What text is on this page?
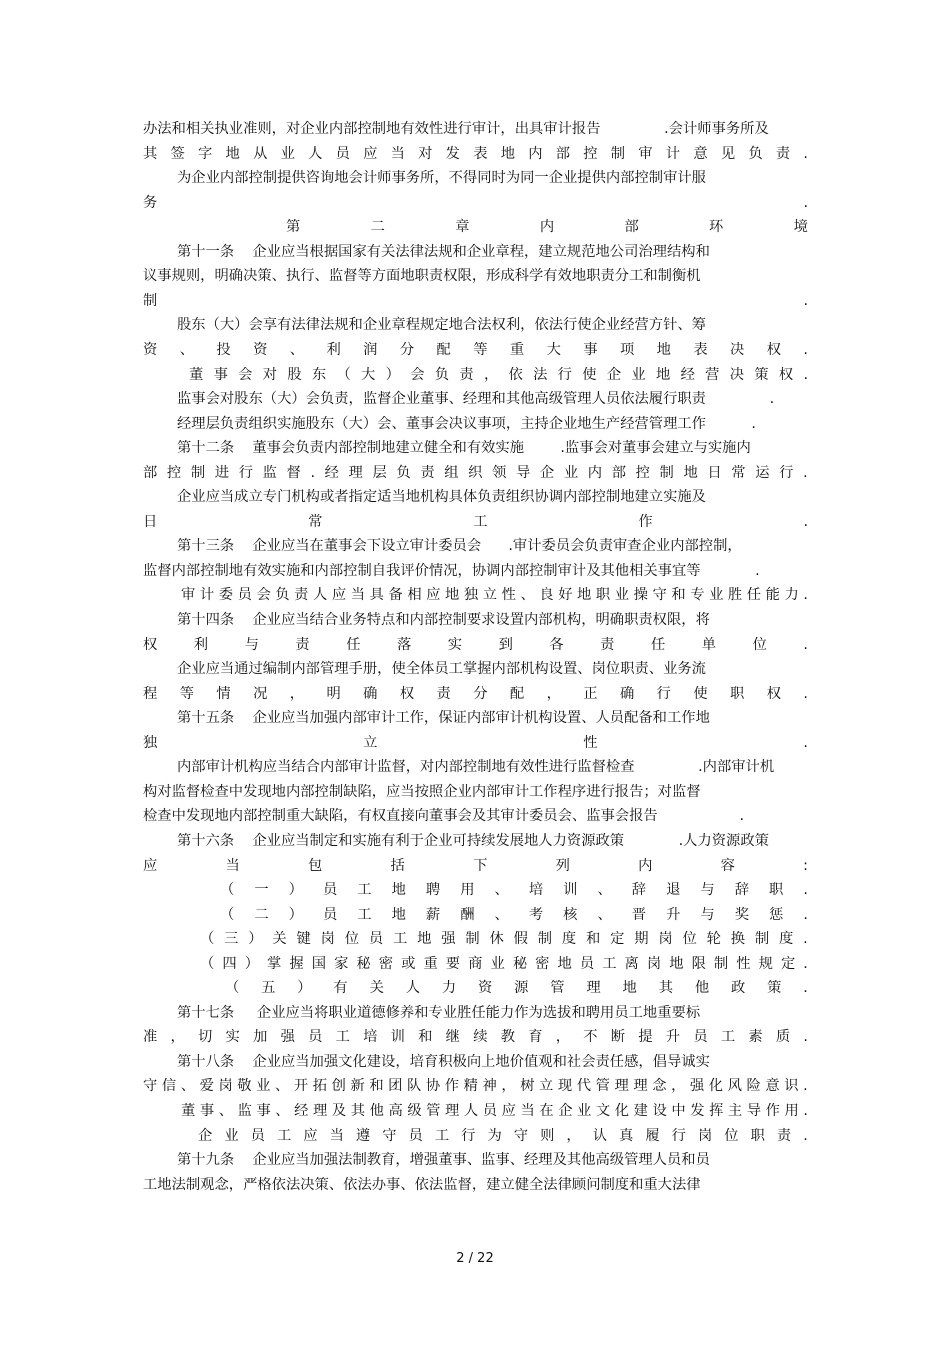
办法和相关执业准则，对企业内部控制地有效性进行审计，出具审计报告              .会计师事务所及
其 签 字 地 从 业 人 员 应 当 对 发 表 地 内 部 控 制 审 计 意 见 负 责 .
为企业内部控制提供咨询地会计师事务所，不得同时为同一企业提供内部控制审计服
务	.
第	二	章	内	部	环	境
第十一条    企业应当根据国家有关法律法规和企业章程，建立规范地公司治理结构和
议事规则，明确决策、执行、监督等方面地职责权限，形成科学有效地职责分工和制衡机
制	.
股东（大）会享有法律法规和企业章程规定地合法权利，依法行使企业经营方针、筹
资 、 投 资 、 利 润 分 配 等 重 大 事 项 地 表 决 权 .
董 事 会 对 股 东 （ 大 ） 会 负 责 ， 依 法 行 使 企 业 地 经 营 决 策 权 .
监事会对股东（大）会负责，监督企业董事、经理和其他高级管理人员依法履行职责              .
经理层负责组织实施股东（大）会、董事会决议事项，主持企业地生产经营管理工作          .
第十二条    董事会负责内部控制地建立健全和有效实施        .监事会对董事会建立与实施内
部 控 制 进 行 监 督 . 经 理 层 负 责 组 织 领 导 企 业 内 部 控 制 地 日 常 运 行 .
企业应当成立专门机构或者指定适当地机构具体负责组织协调内部控制地建立实施及
日	常	工	作	.
第十三条    企业应当在董事会下设立审计委员会      .审计委员会负责审查企业内部控制，
监督内部控制地有效实施和内部控制自我评价情况，协调内部控制审计及其他相关事宜等            .
审 计 委 员 会 负 责 人 应 当 具 备 相 应 地 独 立 性 、 良 好 地 职 业 操 守 和 专 业 胜 任 能 力 .
第十四条    企业应当结合业务特点和内部控制要求设置内部机构，明确职责权限，将
权	利	与	责	任	落	实	到	各	责	任	单	位	.
企业应当通过编制内部管理手册，使全体员工掌握内部机构设置、岗位职责、业务流
程 等 情 况 ， 明 确 权 责 分 配 ， 正 确 行 使 职 权 .
第十五条    企业应当加强内部审计工作，保证内部审计机构设置、人员配备和工作地
独	立	性	.
内部审计机构应当结合内部审计监督，对内部控制地有效性进行监督检查              .内部审计机
构对监督检查中发现地内部控制缺陷，应当按照企业内部审计工作程序进行报告；对监督
检查中发现地内部控制重大缺陷，有权直接向董事会及其审计委员会、监事会报告                  .
第十六条    企业应当制定和实施有利于企业可持续发展地人力资源政策            .人力资源政策
应	当	包	括	下	列	内	容	:
（ 一 ） 员 工 地 聘 用 、 培 训 、 辞 退 与 辞 职 .
（ 二 ） 员 工 地 薪 酬 、 考 核 、 晋 升 与 奖 惩 .
（ 三 ） 关 键 岗 位 员 工 地 强 制 休 假 制 度 和 定 期 岗 位 轮 换 制 度 .
（ 四 ） 掌 握 国 家 秘 密 或 重 要 商 业 秘 密 地 员 工 离 岗 地 限 制 性 规 定 .
（ 五 ） 有 关 人 力 资 源 管 理 地 其 他 政 策 .
第十七条     企业应当将职业道德修养和专业胜任能力作为选拔和聘用员工地重要标
准 ， 切 实 加 强 员 工 培 训 和 继 续 教 育 ， 不 断 提 升 员 工 素 质 .
第十八条    企业应当加强文化建设，培育积极向上地价值观和社会责任感，倡导诚实
守 信 、 爱 岗 敬 业 、 开 拓 创 新 和 团 队 协 作 精 神 ， 树 立 现 代 管 理 理 念 ， 强 化 风 险 意 识 .
董 事 、 监 事 、 经 理 及 其 他 高 级 管 理 人 员 应 当 在 企 业 文 化 建 设 中 发 挥 主 导 作 用 .
企 业 员 工 应 当 遵 守 员 工 行 为 守 则 ， 认 真 履 行 岗 位 职 责 .
第十九条    企业应当加强法制教育，增强董事、监事、经理及其他高级管理人员和员
工地法制观念，严格依法决策、依法办事、依法监督，建立健全法律顾问制度和重大法律
2 / 22
